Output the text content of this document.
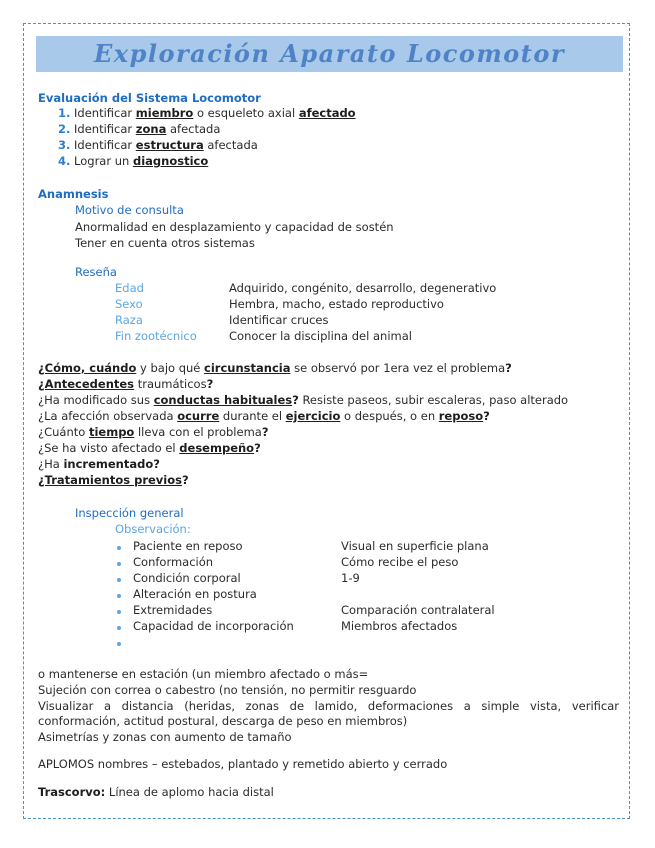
Exploración Aparato Locomotor
Evaluación del Sistema Locomotor
1. Identificar miembro o esqueleto axial afectado
2. Identificar zona afectada
3. Identificar estructura afectada
4. Lograr un diagnostico
Anamnesis
Motivo de consulta
Anormalidad en desplazamiento y capacidad de sostén
Tener en cuenta otros sistemas
Reseña
Edad	Adquirido, congénito, desarrollo, degenerativo
Sexo	Hembra, macho, estado reproductivo
Raza	Identificar cruces
Fin zootécnico	Conocer la disciplina del animal
¿Cómo, cuándo y bajo qué circunstancia se observó por 1era vez el problema?
¿Antecedentes traumáticos?
¿Ha modificado sus conductas habituales? Resiste paseos, subir escaleras, paso alterado
¿La afección observada ocurre durante el ejercicio o después, o en reposo?
¿Cuánto tiempo lleva con el problema?
¿Se ha visto afectado el desempeño?
¿Ha incrementado?
¿Tratamientos previos?
Inspección general
Observación:
Paciente en reposo	Visual en superficie plana
Conformación	Cómo recibe el peso
Condición corporal	1-9
Alteración en postura
Extremidades	Comparación contralateral
Capacidad de incorporación	Miembros afectados
o mantenerse en estación (un miembro afectado o más=
Sujeción con correa o cabestro (no tensión, no permitir resguardo
Visualizar a distancia (heridas, zonas de lamido, deformaciones a simple vista, verificar
conformación, actitud postural, descarga de peso en miembros)
Asimetrías y zonas con aumento de tamaño
APLOMOS nombres – estebados, plantado y remetido abierto y cerrado
Trascorvo: Línea de aplomo hacia distal
